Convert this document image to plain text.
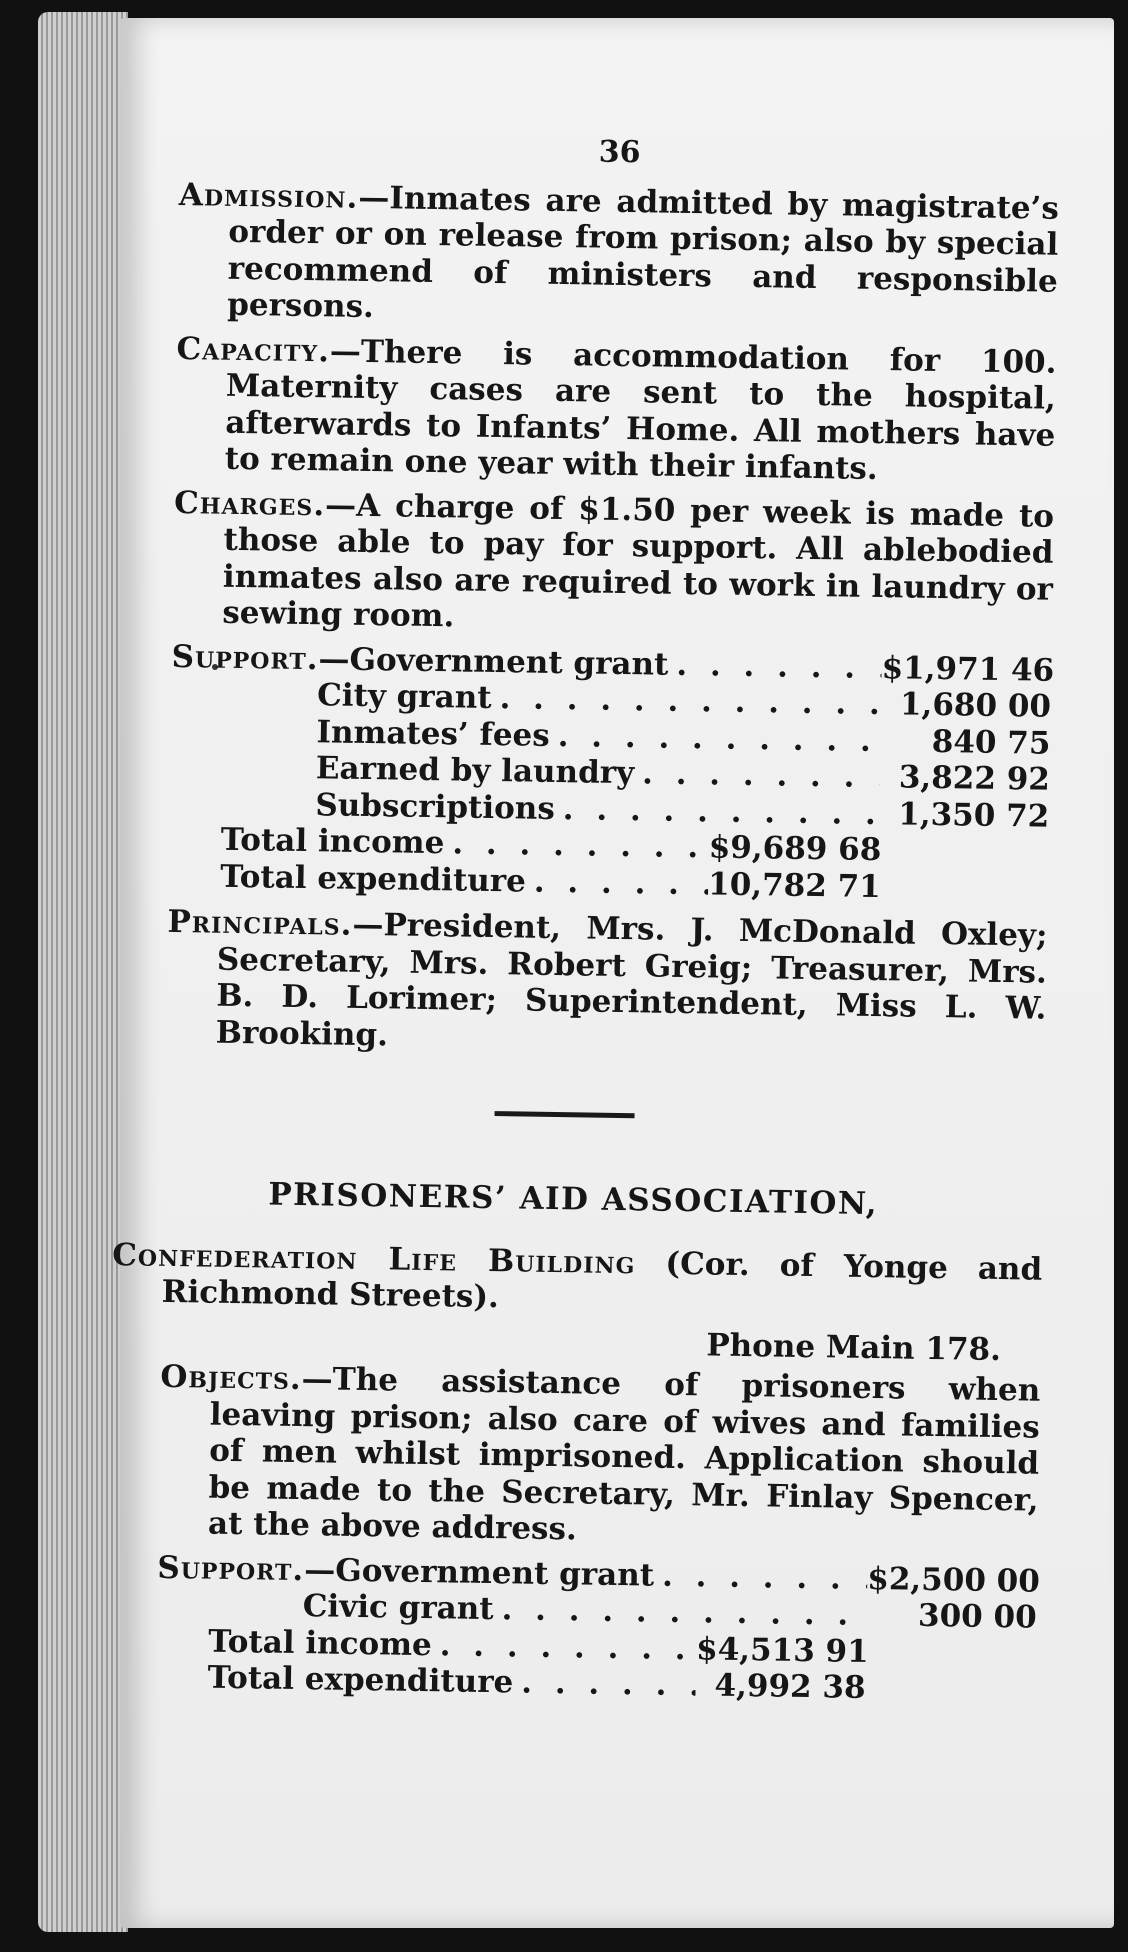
36

Admission.—Inmates are admitted by magistrate’s order or on release from prison; also by special recommend of ministers and responsible persons.

Capacity.—There is accommodation for 100. Maternity cases are sent to the hospital, afterwards to Infants’ Home. All mothers have to remain one year with their infants.

Charges.—A charge of $1.50 per week is made to those able to pay for support. All ablebodied inmates also are required to work in laundry or sewing room.

Support.—Government grant . . .	$1,971 46
City grant . . .	1,680 00
Inmates’ fees . . .	840 75
Earned by laundry . . .	3,822 92
Subscriptions . . .	1,350 72
Total income . . .	$9,689 68
Total expenditure . . .	10,782 71

Principals.—President, Mrs. J. McDonald Oxley; Secretary, Mrs. Robert Greig; Treasurer, Mrs. B. D. Lorimer; Superintendent, Miss L. W. Brooking.

PRISONERS’ AID ASSOCIATION,

Confederation Life Building (Cor. of Yonge and Richmond Streets).

Phone Main 178.

Objects.—The assistance of prisoners when leaving prison; also care of wives and families of men whilst imprisoned. Application should be made to the Secretary, Mr. Finlay Spencer, at the above address.

Support.—Government grant . . .	$2,500 00
Civic grant . . .	300 00
Total income . . .	$4,513 91
Total expenditure . . .	4,992 38
